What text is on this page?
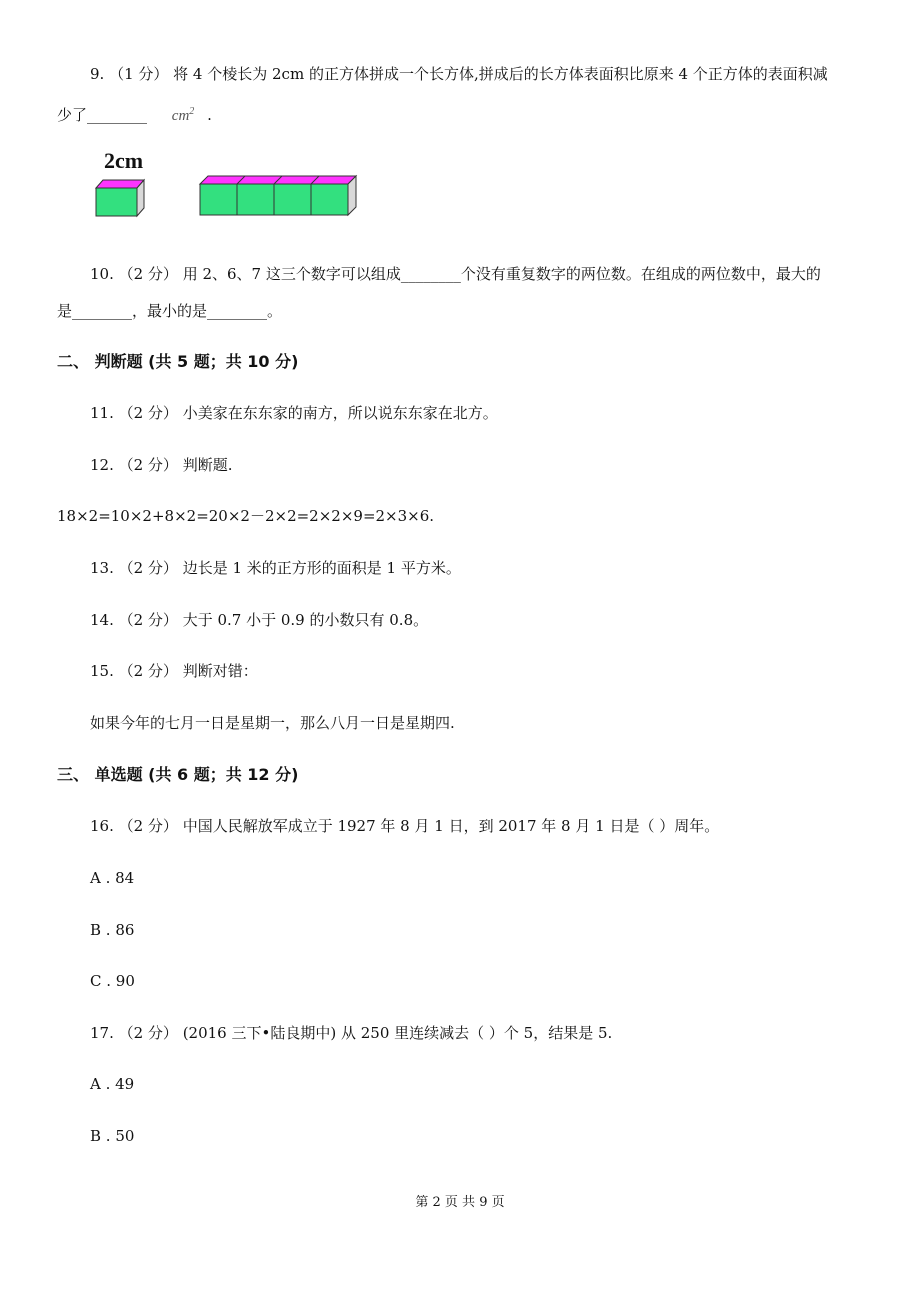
9. （1 分） 将 4 个棱长为 2cm 的正方体拼成一个长方体,拼成后的长方体表面积比原来 4 个正方体的表面积减
少了________ $cm^2$ .
2cm
10. （2 分） 用 2、6、7 这三个数字可以组成________个没有重复数字的两位数。在组成的两位数中，最大的
是________，最小的是________。
二、 判断题 (共 5 题；共 10 分)
11. （2 分） 小美家在东东家的南方，所以说东东家在北方。
12. （2 分） 判断题.
18×2=10×2+8×2=20×2－2×2=2×2×9=2×3×6.
13. （2 分） 边长是 1 米的正方形的面积是 1 平方米。
14. （2 分） 大于 0.7 小于 0.9 的小数只有 0.8。
15. （2 分） 判断对错：
如果今年的七月一日是星期一，那么八月一日是星期四.
三、 单选题 (共 6 题；共 12 分)
16. （2 分） 中国人民解放军成立于 1927 年 8 月 1 日，到 2017 年 8 月 1 日是（ ）周年。
A . 84
B . 86
C . 90
17. （2 分） (2016 三下•陆良期中) 从 250 里连续减去（ ）个 5，结果是 5.
A . 49
B . 50
第 2 页 共 9 页
